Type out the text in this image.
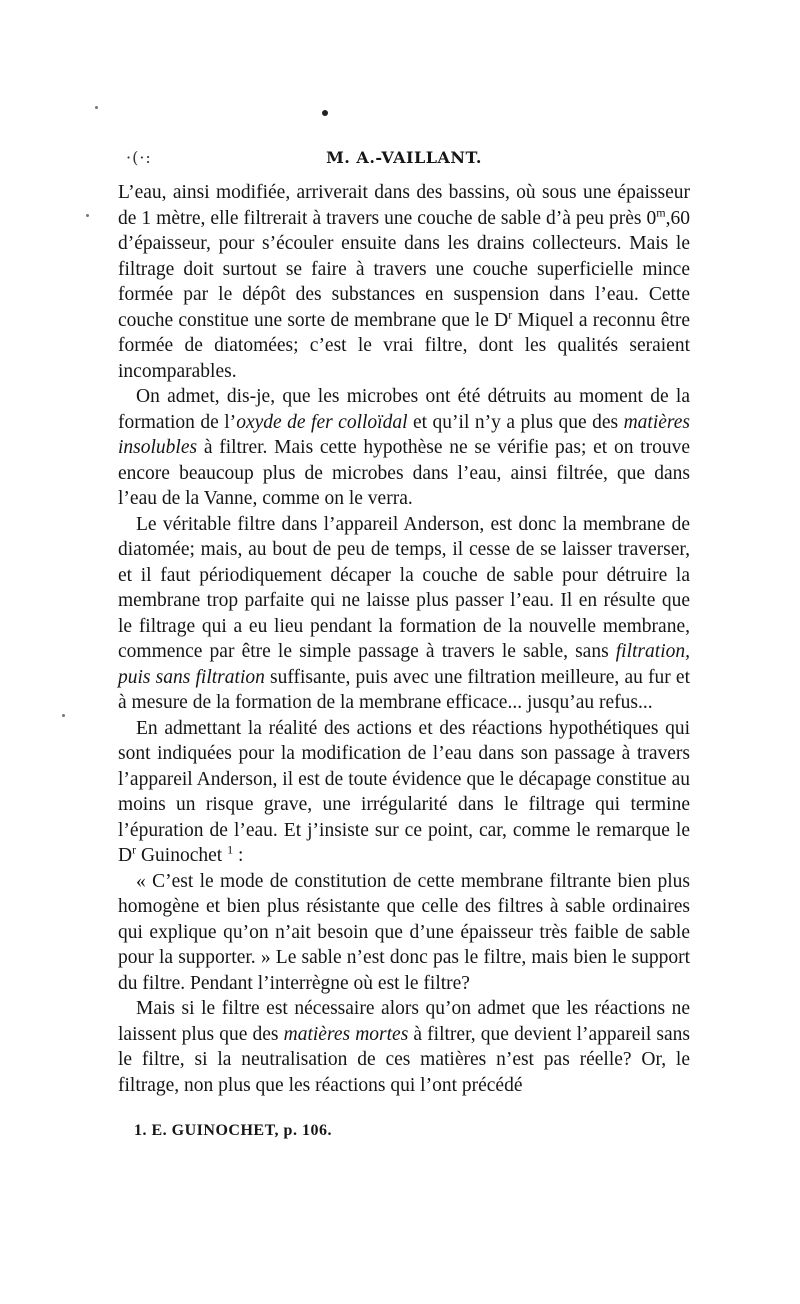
·(·:	M. A.-VAILLANT.

L’eau, ainsi modifiée, arriverait dans des bassins, où sous une épaisseur de 1 mètre, elle filtrerait à travers une couche de sable d’à peu près 0$^m$,60 d’épaisseur, pour s’écouler ensuite dans les drains collecteurs. Mais le filtrage doit surtout se faire à travers une couche superficielle mince formée par le dépôt des substances en suspension dans l’eau. Cette couche constitue une sorte de membrane que le $D^r$ Miquel a reconnu être formée de diatomées; c’est le vrai filtre, dont les qualités seraient incomparables.

On admet, dis-je, que les microbes ont été détruits au moment de la formation de l’oxyde de fer colloïdal et qu’il n’y a plus que des matières insolubles à filtrer. Mais cette hypothèse ne se vérifie pas; et on trouve encore beaucoup plus de microbes dans l’eau, ainsi filtrée, que dans l’eau de la Vanne, comme on le verra.

Le véritable filtre dans l’appareil Anderson, est donc la membrane de diatomée; mais, au bout de peu de temps, il cesse de se laisser traverser, et il faut périodiquement décaper la couche de sable pour détruire la membrane trop parfaite qui ne laisse plus passer l’eau. Il en résulte que le filtrage qui a eu lieu pendant la formation de la nouvelle membrane, commence par être le simple passage à travers le sable, sans filtration, puis sans filtration suffisante, puis avec une filtration meilleure, au fur et à mesure de la formation de la membrane efficace... jusqu’au refus...

En admettant la réalité des actions et des réactions hypothétiques qui sont indiquées pour la modification de l’eau dans son passage à travers l’appareil Anderson, il est de toute évidence que le décapage constitue au moins un risque grave, une irrégularité dans le filtrage qui termine l’épuration de l’eau. Et j’insiste sur ce point, car, comme le remarque le $D^r$ Guinochet $^1$ :

« C’est le mode de constitution de cette membrane filtrante bien plus homogène et bien plus résistante que celle des filtres à sable ordinaires qui explique qu’on n’ait besoin que d’une épaisseur très faible de sable pour la supporter. » Le sable n’est donc pas le filtre, mais bien le support du filtre. Pendant l’interrègne où est le filtre?

Mais si le filtre est nécessaire alors qu’on admet que les réactions ne laissent plus que des matières mortes à filtrer, que devient l’appareil sans le filtre, si la neutralisation de ces matières n’est pas réelle? Or, le filtrage, non plus que les réactions qui l’ont précédé

1. E. GUINOCHET, p. 106.
